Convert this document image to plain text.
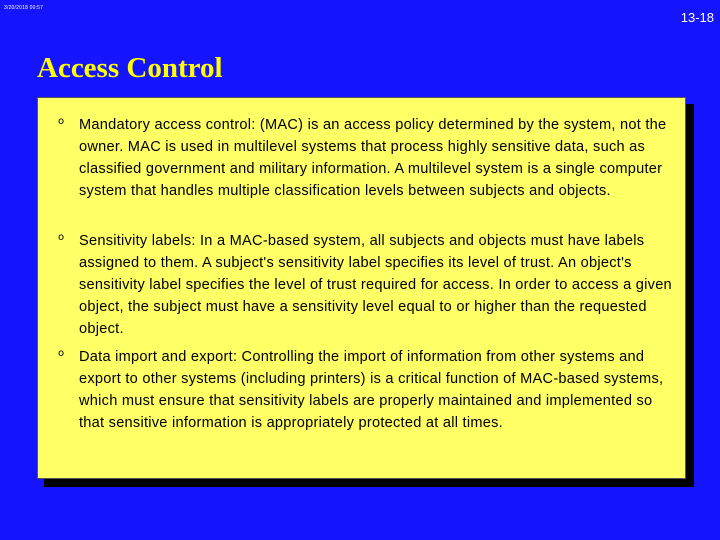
3/20/2018 00:57
13-18
Access Control
o Mandatory access control: (MAC) is an access policy determined by the system, not the owner. MAC is used in multilevel systems that process highly sensitive data, such as classified government and military information. A multilevel system is a single computer system that handles multiple classification levels between subjects and objects.

o Sensitivity labels: In a MAC-based system, all subjects and objects must have labels assigned to them. A subject's sensitivity label specifies its level of trust. An object's sensitivity label specifies the level of trust required for access. In order to access a given object, the subject must have a sensitivity level equal to or higher than the requested object.

o Data import and export: Controlling the import of information from other systems and export to other systems (including printers) is a critical function of MAC-based systems, which must ensure that sensitivity labels are properly maintained and implemented so that sensitive information is appropriately protected at all times.
